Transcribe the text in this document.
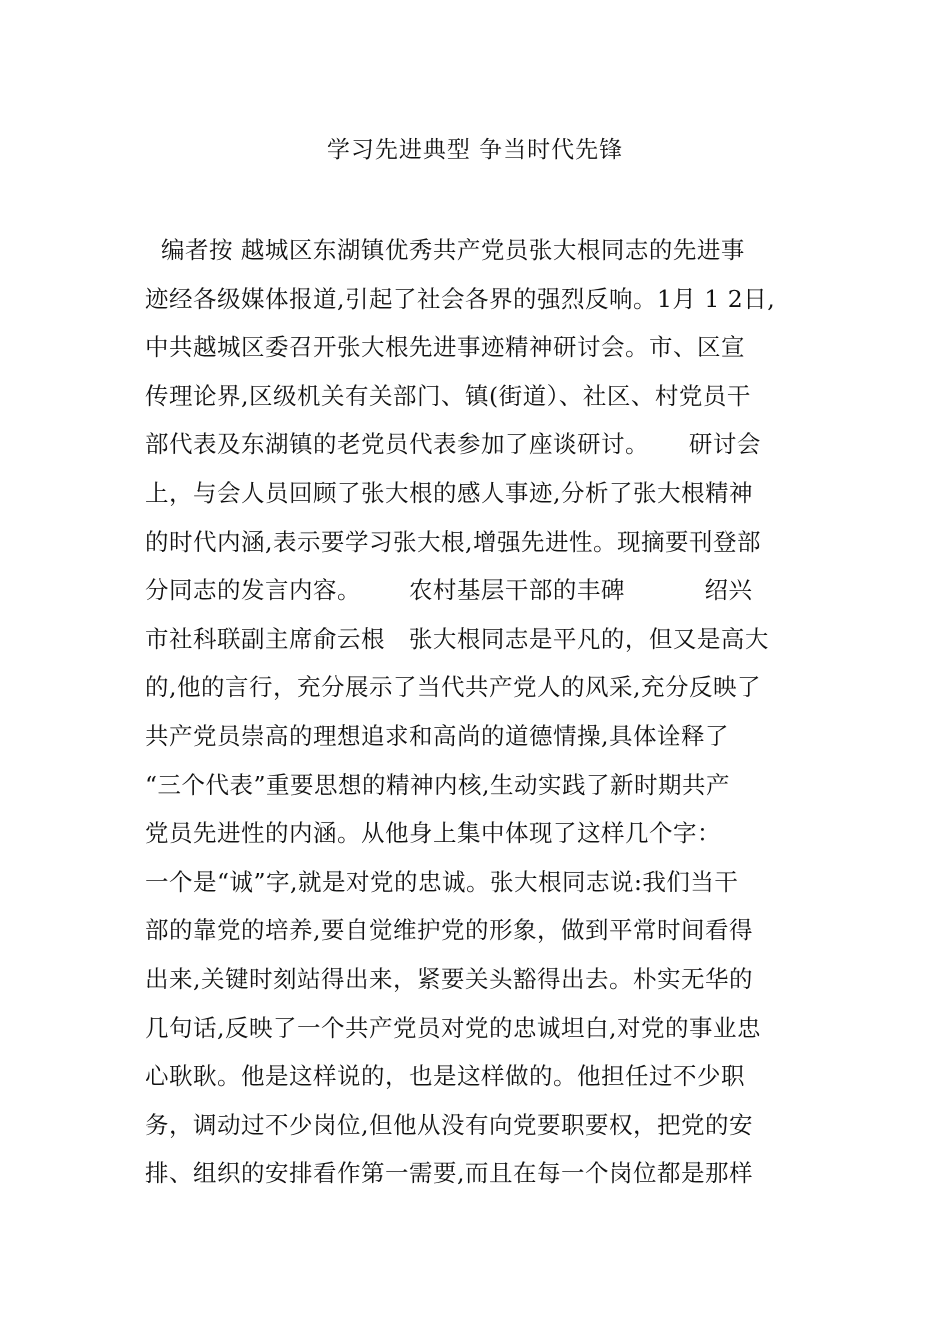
学习先进典型 争当时代先锋
编者按 越城区东湖镇优秀共产党员张大根同志的先进事
迹经各级媒体报道,引起了社会各界的强烈反响。1月 1 2日,
中共越城区委召开张大根先进事迹精神研讨会。市、区宣
传理论界,区级机关有关部门、镇(街道）、社区、村党员干
部代表及东湖镇的老党员代表参加了座谈研讨。     研讨会
上，与会人员回顾了张大根的感人事迹,分析了张大根精神
的时代内涵,表示要学习张大根,增强先进性。现摘要刊登部
分同志的发言内容。      农村基层干部的丰碑          绍兴
市社科联副主席俞云根   张大根同志是平凡的，但又是高大
的,他的言行，充分展示了当代共产党人的风采,充分反映了
共产党员崇高的理想追求和高尚的道德情操,具体诠释了
“三个代表”重要思想的精神内核,生动实践了新时期共产
党员先进性的内涵。从他身上集中体现了这样几个字：
一个是“诚”字,就是对党的忠诚。张大根同志说:我们当干
部的靠党的培养,要自觉维护党的形象，做到平常时间看得
出来,关键时刻站得出来，紧要关头豁得出去。朴实无华的
几句话,反映了一个共产党员对党的忠诚坦白,对党的事业忠
心耿耿。他是这样说的，也是这样做的。他担任过不少职
务，调动过不少岗位,但他从没有向党要职要权，把党的安
排、组织的安排看作第一需要,而且在每一个岗位都是那样
